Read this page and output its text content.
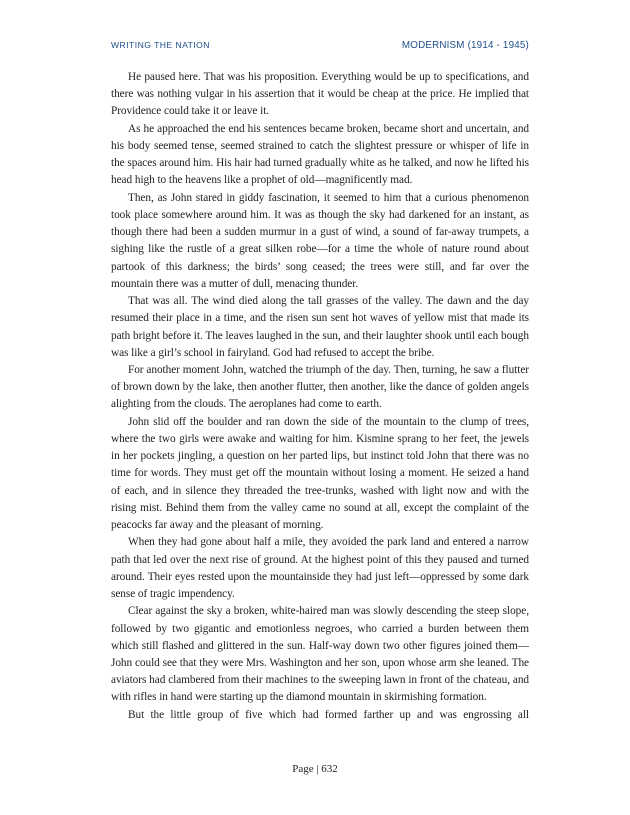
WRITING THE NATION	MODERNISM (1914 - 1945)

He paused here. That was his proposition. Everything would be up to specifications, and there was nothing vulgar in his assertion that it would be cheap at the price. He implied that Providence could take it or leave it.

As he approached the end his sentences became broken, became short and uncertain, and his body seemed tense, seemed strained to catch the slightest pressure or whisper of life in the spaces around him. His hair had turned gradually white as he talked, and now he lifted his head high to the heavens like a prophet of old—magnificently mad.

Then, as John stared in giddy fascination, it seemed to him that a curious phenomenon took place somewhere around him. It was as though the sky had darkened for an instant, as though there had been a sudden murmur in a gust of wind, a sound of far-away trumpets, a sighing like the rustle of a great silken robe—for a time the whole of nature round about partook of this darkness; the birds’ song ceased; the trees were still, and far over the mountain there was a mutter of dull, menacing thunder.

That was all. The wind died along the tall grasses of the valley. The dawn and the day resumed their place in a time, and the risen sun sent hot waves of yellow mist that made its path bright before it. The leaves laughed in the sun, and their laughter shook until each bough was like a girl’s school in fairyland. God had refused to accept the bribe.

For another moment John, watched the triumph of the day. Then, turning, he saw a flutter of brown down by the lake, then another flutter, then another, like the dance of golden angels alighting from the clouds. The aeroplanes had come to earth.

John slid off the boulder and ran down the side of the mountain to the clump of trees, where the two girls were awake and waiting for him. Kismine sprang to her feet, the jewels in her pockets jingling, a question on her parted lips, but instinct told John that there was no time for words. They must get off the mountain without losing a moment. He seized a hand of each, and in silence they threaded the tree-trunks, washed with light now and with the rising mist. Behind them from the valley came no sound at all, except the complaint of the peacocks far away and the pleasant of morning.

When they had gone about half a mile, they avoided the park land and entered a narrow path that led over the next rise of ground. At the highest point of this they paused and turned around. Their eyes rested upon the mountainside they had just left—oppressed by some dark sense of tragic impendency.

Clear against the sky a broken, white-haired man was slowly descending the steep slope, followed by two gigantic and emotionless negroes, who carried a burden between them which still flashed and glittered in the sun. Half-way down two other figures joined them—John could see that they were Mrs. Washington and her son, upon whose arm she leaned. The aviators had clambered from their machines to the sweeping lawn in front of the chateau, and with rifles in hand were starting up the diamond mountain in skirmishing formation.

But the little group of five which had formed farther up and was engrossing all

Page | 632
